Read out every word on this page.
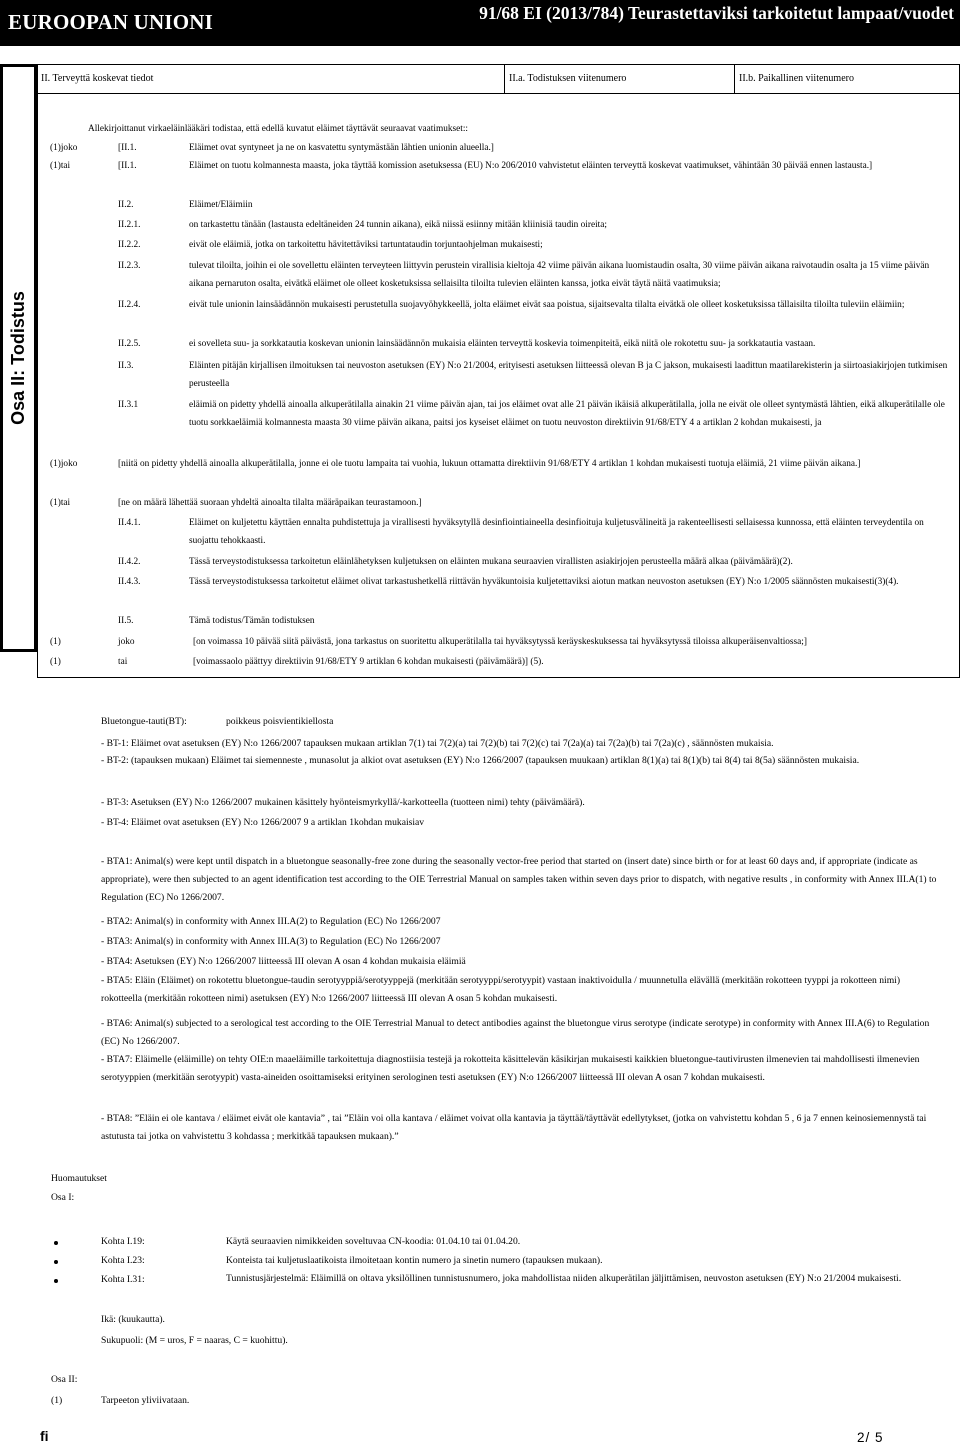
EUROOPAN UNIONI	91/68 EI (2013/784) Teurastettaviksi tarkoitetut lampaat/vuodet
Osa II: Todistus
II. Terveyttä koskevat tiedot	II.a. Todistuksen viitenumero	II.b. Paikallinen viitenumero
Allekirjoittanut virkaeläinlääkäri todistaa, että edellä kuvatut eläimet täyttävät seuraavat vaatimukset::
(1)joko	[II.1.	Eläimet ovat syntyneet ja ne on kasvatettu syntymästään lähtien unionin alueella.]
(1)tai	[II.1.	Eläimet on tuotu kolmannesta maasta, joka täyttää komission asetuksessa (EU) N:o 206/2010 vahvistetut eläinten terveyttä koskevat vaatimukset, vähintään 30 päivää ennen lastausta.]
II.2.	Eläimet/Eläimiin
II.2.1.	on tarkastettu tänään (lastausta edeltäneiden 24 tunnin aikana), eikä niissä esiinny mitään kliinisiä taudin oireita;
II.2.2.	eivät ole eläimiä, jotka on tarkoitettu hävitettäviksi tartuntataudin torjuntaohjelman mukaisesti;
II.2.3.	tulevat tiloilta, joihin ei ole sovellettu eläinten terveyteen liittyvin perustein virallisia kieltoja 42 viime päivän aikana luomistaudin osalta, 30 viime päivän aikana raivotaudin osalta ja 15 viime päivän aikana pernaruton osalta, eivätkä eläimet ole olleet kosketuksissa sellaisilta tiloilta tulevien eläinten kanssa, jotka eivät täytä näitä vaatimuksia;
II.2.4.	eivät tule unionin lainsäädännön mukaisesti perustetulla suojavyöhykkeellä, jolta eläimet eivät saa poistua, sijaitsevalta tilalta eivätkä ole olleet kosketuksissa tällaisilta tiloilta tuleviin eläimiin;
II.2.5.	ei sovelleta suu- ja sorkkatautia koskevan unionin lainsäädännön mukaisia eläinten terveyttä koskevia toimenpiteitä, eikä niitä ole rokotettu suu- ja sorkkatautia vastaan.
II.3.	Eläinten pitäjän kirjallisen ilmoituksen tai neuvoston asetuksen (EY) N:o 21/2004, erityisesti asetuksen liitteessä olevan B ja C jakson, mukaisesti laadittun maatilarekisterin ja siirtoasiakirjojen tutkimisen perusteella
II.3.1	eläimiä on pidetty yhdellä ainoalla alkuperätilalla ainakin 21 viime päivän ajan, tai jos eläimet ovat alle 21 päivän ikäisiä alkuperätilalla, jolla ne eivät ole olleet syntymästä lähtien, eikä alkuperätilalle ole tuotu sorkkaeläimiä kolmannesta maasta 30 viime päivän aikana, paitsi jos kyseiset eläimet on tuotu neuvoston direktiivin 91/68/ETY 4 a artiklan 2 kohdan mukaisesti, ja
(1)joko	[niitä on pidetty yhdellä ainoalla alkuperätilalla, jonne ei ole tuotu lampaita tai vuohia, lukuun ottamatta direktiivin 91/68/ETY 4 artiklan 1 kohdan mukaisesti tuotuja eläimiä, 21 viime päivän aikana.]
(1)tai	[ne on määrä lähettää suoraan yhdeltä ainoalta tilalta määräpaikan teurastamoon.]
II.4.1.	Eläimet on kuljetettu käyttäen ennalta puhdistettuja ja virallisesti hyväksytyllä desinfiointiaineella desinfioituja kuljetusvälineitä ja rakenteellisesti sellaisessa kunnossa, että eläinten terveydentila on suojattu tehokkaasti.
II.4.2.	Tässä terveystodistuksessa tarkoitetun eläinlähetyksen kuljetuksen on eläinten mukana seuraavien virallisten asiakirjojen perusteella määrä alkaa (päivämäärä)(2).
II.4.3.	Tässä terveystodistuksessa tarkoitetut eläimet olivat tarkastushetkellä riittävän hyväkuntoisia kuljetettaviksi aiotun matkan neuvoston asetuksen (EY) N:o 1/2005 säännösten mukaisesti(3)(4).
II.5.	Tämä todistus/Tämän todistuksen
(1)	joko	[on voimassa 10 päivää siitä päivästä, jona tarkastus on suoritettu alkuperätilalla tai hyväksytyssä keräyskeskuksessa tai hyväksytyssä tiloissa alkuperäisenvaltiossa;]
(1)	tai	[voimassaolo päättyy direktiivin 91/68/ETY 9 artiklan 6 kohdan mukaisesti (päivämäärä)] (5).
Bluetongue-tauti(BT):	poikkeus poisvientikiellosta
- BT-1: Eläimet ovat asetuksen (EY) N:o 1266/2007 tapauksen mukaan artiklan 7(1) tai 7(2)(a) tai 7(2)(b) tai 7(2)(c) tai 7(2a)(a) tai 7(2a)(b) tai 7(2a)(c) , säännösten mukaisia.
- BT-2: (tapauksen mukaan) Eläimet tai siemenneste , munasolut ja alkiot ovat asetuksen (EY) N:o 1266/2007 (tapauksen muukaan) artiklan 8(1)(a) tai 8(1)(b) tai 8(4) tai 8(5a) säännösten mukaisia.
- BT-3: Asetuksen (EY) N:o 1266/2007 mukainen käsittely hyönteismyrkyllä/-karkotteella (tuotteen nimi) tehty (päivämäärä).
- BT-4: Eläimet ovat asetuksen (EY) N:o 1266/2007 9 a artiklan 1kohdan mukaisiav
- BTA1: Animal(s) were kept until dispatch in a bluetongue seasonally-free zone during the seasonally vector-free period that started on (insert date) since birth or for at least 60 days and, if appropriate (indicate as appropriate), were then subjected to an agent identification test according to the OIE Terrestrial Manual on samples taken within seven days prior to dispatch, with negative results , in conformity with Annex III.A(1) to Regulation (EC) No 1266/2007.
- BTA2: Animal(s) in conformity with Annex III.A(2) to Regulation (EC) No 1266/2007
- BTA3: Animal(s) in conformity with Annex III.A(3) to Regulation (EC) No 1266/2007
- BTA4: Asetuksen (EY) N:o 1266/2007 liitteessä III olevan A osan 4 kohdan mukaisia eläimiä
- BTA5: Eläin (Eläimet) on rokotettu bluetongue-taudin serotyyppiä/serotyyppejä (merkitään serotyyppi/serotyypit) vastaan inaktivoidulla / muunnetulla elävällä (merkitään rokotteen tyyppi ja rokotteen nimi) rokotteella (merkitään rokotteen nimi) asetuksen (EY) N:o 1266/2007 liitteessä III olevan A osan 5 kohdan mukaisesti.
- BTA6: Animal(s) subjected to a serological test according to the OIE Terrestrial Manual to detect antibodies against the bluetongue virus serotype (indicate serotype) in conformity with Annex III.A(6) to Regulation (EC) No 1266/2007.
- BTA7: Eläimelle (eläimille) on tehty OIE:n maaeläimille tarkoitettuja diagnostiisia testejä ja rokotteita käsittelevän käsikirjan mukaisesti kaikkien bluetongue-tautivirusten ilmenevien tai mahdollisesti ilmenevien serotyyppien (merkitään serotyypit) vasta-aineiden osoittamiseksi erityinen serologinen testi asetuksen (EY) N:o 1266/2007 liitteessä III olevan A osan 7 kohdan mukaisesti.
- BTA8: ”Eläin ei ole kantava / eläimet eivät ole kantavia” , tai ”Eläin voi olla kantava / eläimet voivat olla kantavia ja täyttää/täyttävät edellytykset, (jotka on vahvistettu kohdan 5 , 6 ja 7 ennen keinosiemennystä tai astutusta tai jotka on vahvistettu 3 kohdassa ; merkitkää tapauksen mukaan).”
Huomautukset
Osa I:
Kohta I.19:	Käytä seuraavien nimikkeiden soveltuvaa CN-koodia: 01.04.10 tai 01.04.20.
Kohta I.23:	Konteista tai kuljetuslaatikoista ilmoitetaan kontin numero ja sinetin numero (tapauksen mukaan).
Kohta I.31:	Tunnistusjärjestelmä: Eläimillä on oltava yksilöllinen tunnistusnumero, joka mahdollistaa niiden alkuperätilan jäljittämisen, neuvoston asetuksen (EY) N:o 21/2004 mukaisesti.
Ikä: (kuukautta).
Sukupuoli: (M = uros, F = naaras, C = kuohittu).
Osa II:
(1)	Tarpeeton yliviivataan.
fi	2/ 5
